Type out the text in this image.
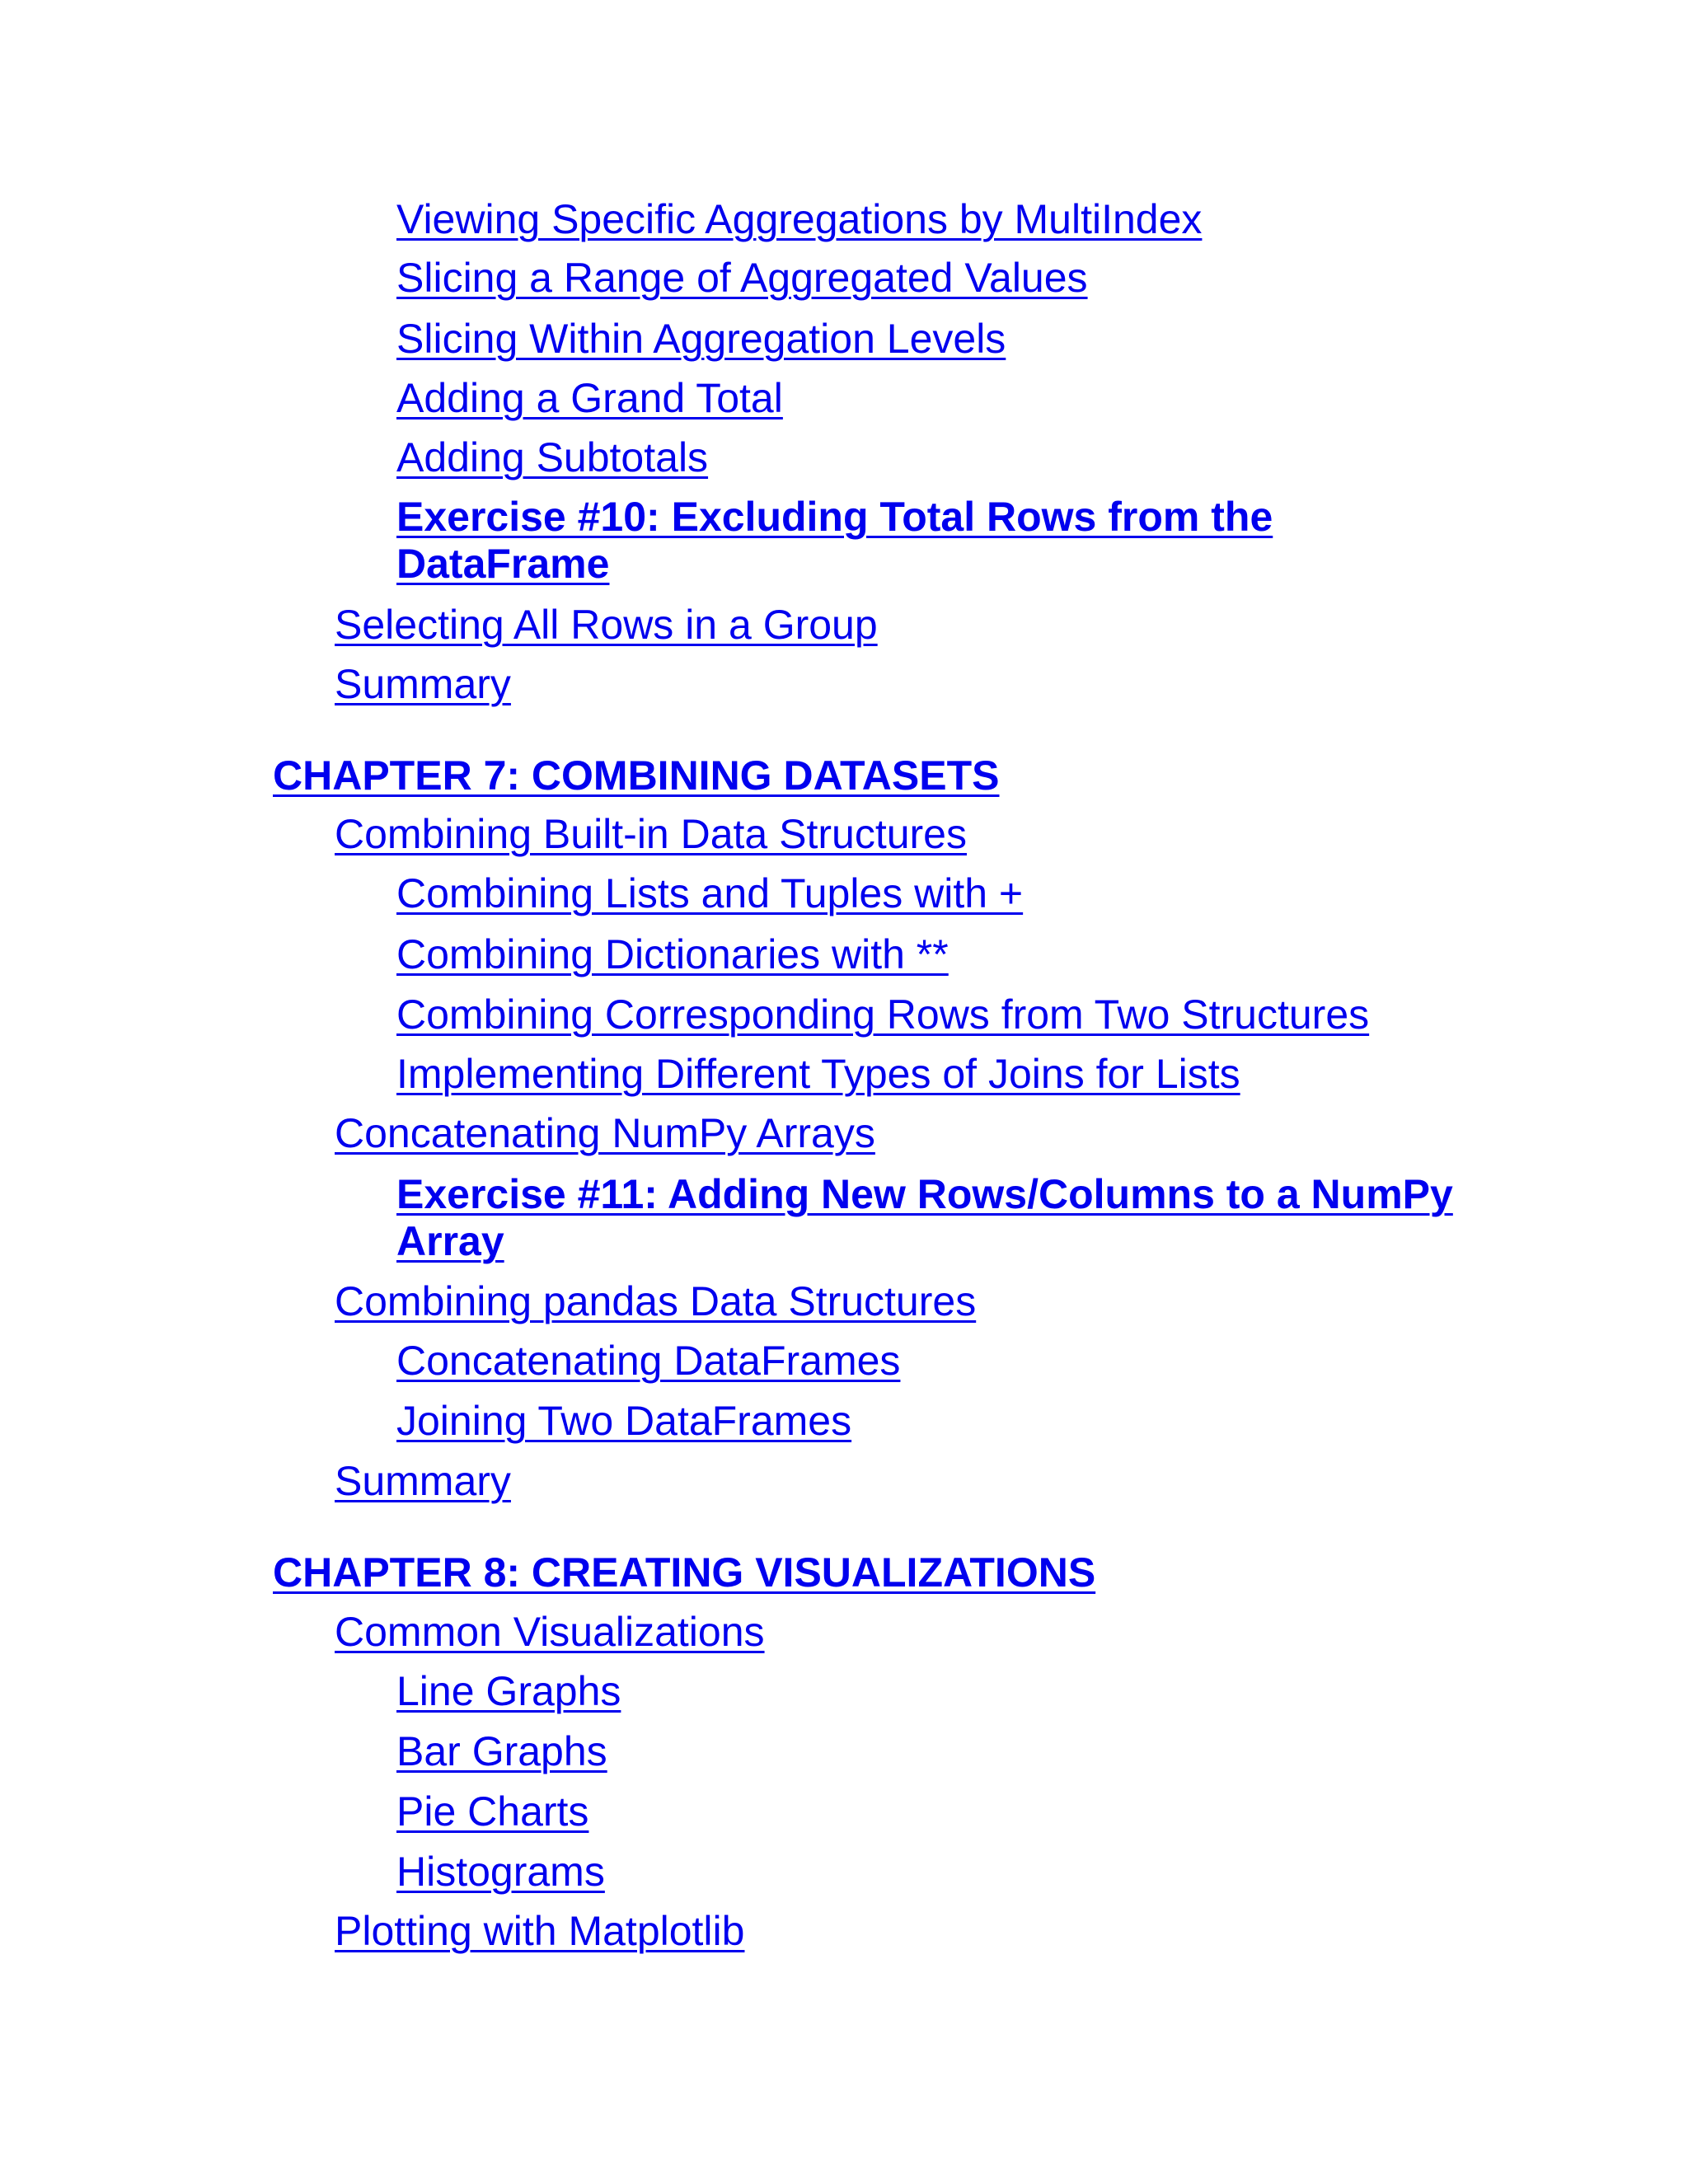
Viewing Specific Aggregations by MultiIndex
Slicing a Range of Aggregated Values
Slicing Within Aggregation Levels
Adding a Grand Total
Adding Subtotals
Exercise #10: Excluding Total Rows from the
DataFrame
Selecting All Rows in a Group
Summary
CHAPTER 7: COMBINING DATASETS
Combining Built-in Data Structures
Combining Lists and Tuples with +
Combining Dictionaries with **
Combining Corresponding Rows from Two Structures
Implementing Different Types of Joins for Lists
Concatenating NumPy Arrays
Exercise #11: Adding New Rows/Columns to a NumPy
Array
Combining pandas Data Structures
Concatenating DataFrames
Joining Two DataFrames
Summary
CHAPTER 8: CREATING VISUALIZATIONS
Common Visualizations
Line Graphs
Bar Graphs
Pie Charts
Histograms
Plotting with Matplotlib
